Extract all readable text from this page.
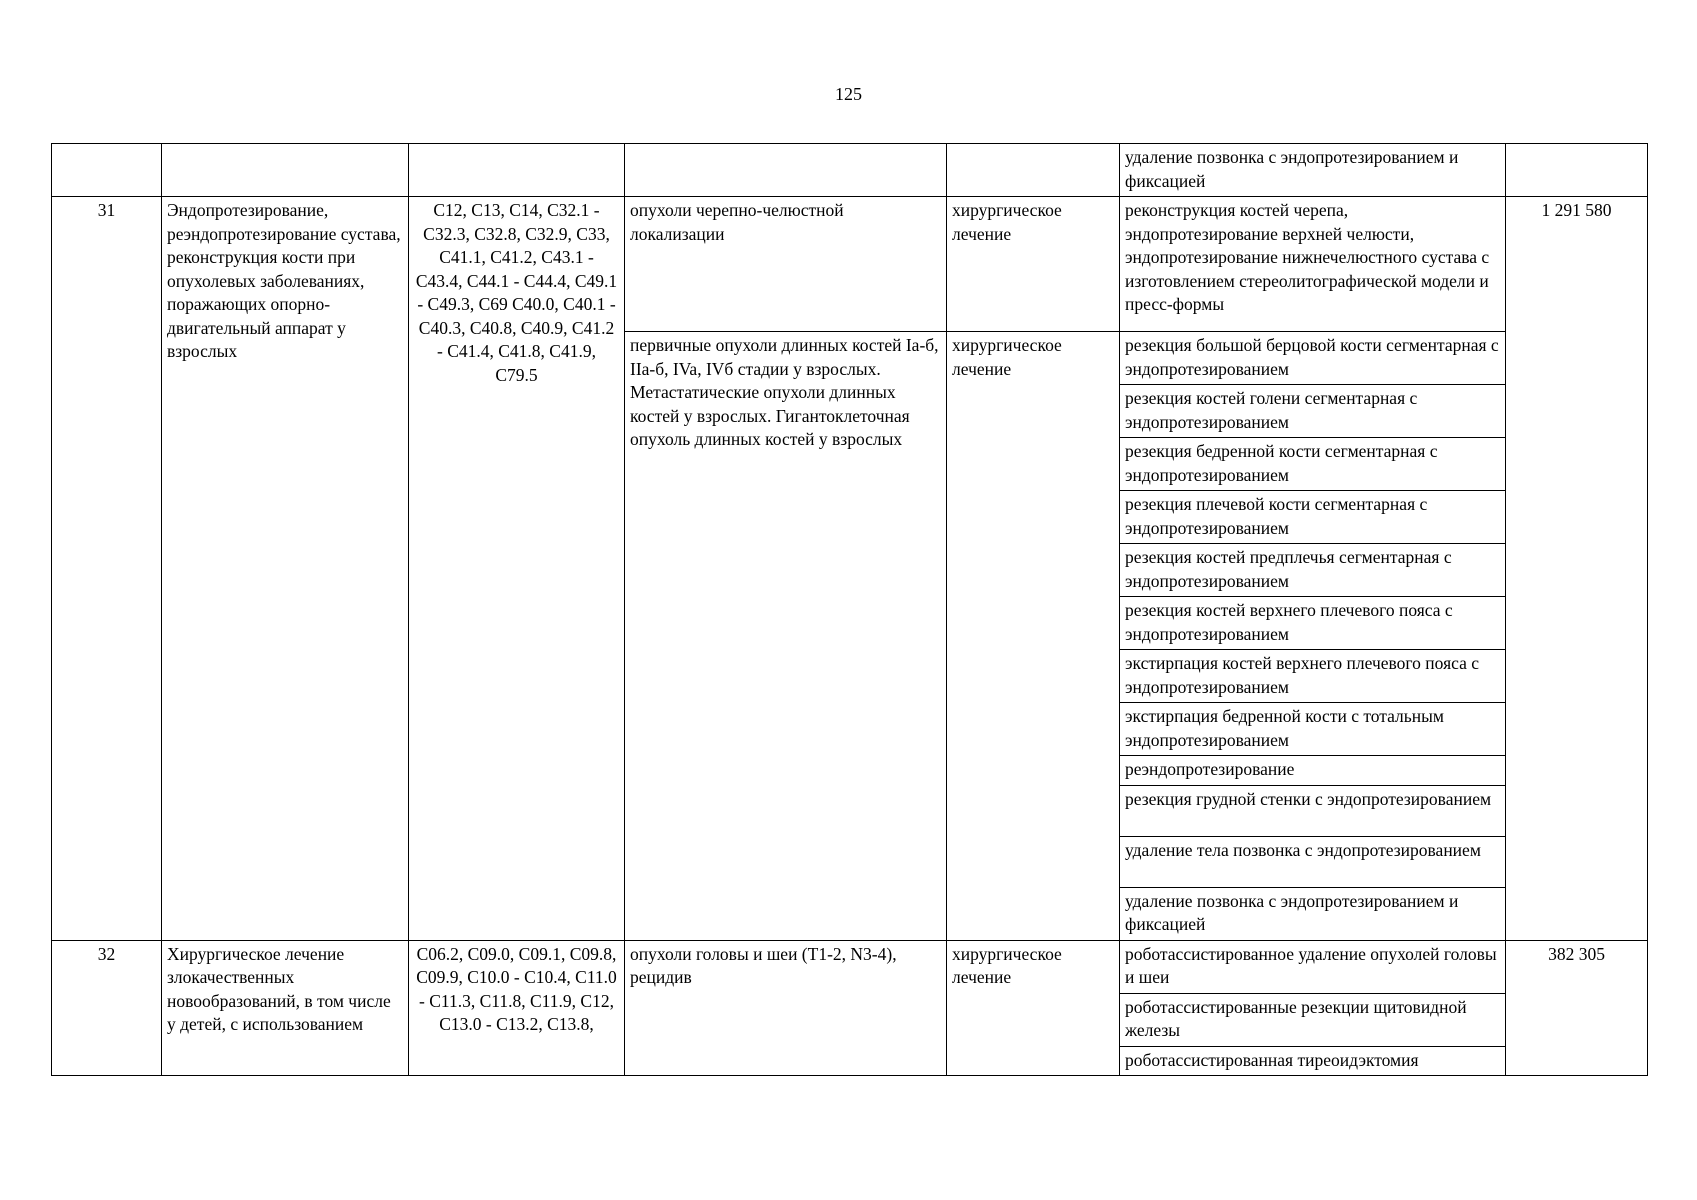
125
					удаление позвонка с эндопротезированием и фиксацией	
31	Эндопротезирование, реэндопротезирование сустава, реконструкция кости при опухолевых заболеваниях, поражающих опорно-двигательный аппарат у взрослых	C12, C13, C14, C32.1 - C32.3, C32.8, C32.9, C33, C41.1, C41.2, C43.1 - C43.4, C44.1 - C44.4, C49.1 - C49.3, C69 C40.0, C40.1 - C40.3, C40.8, C40.9, C41.2 - C41.4, C41.8, C41.9, C79.5	опухоли черепно-челюстной локализации	хирургическое лечение	реконструкция костей черепа, эндопротезирование верхней челюсти, эндопротезирование нижнечелюстного сустава с изготовлением стереолитографической модели и пресс-формы	1 291 580
			первичные опухоли длинных костей Ia-б, IIa-б, IVa, IVб стадии у взрослых. Метастатические опухоли длинных костей у взрослых. Гигантоклеточная опухоль длинных костей у взрослых	хирургическое лечение	резекция большой берцовой кости сегментарная с эндопротезированием	
					резекция костей голени сегментарная с эндопротезированием	
					резекция бедренной кости сегментарная с эндопротезированием	
					резекция плечевой кости сегментарная с эндопротезированием	
					резекция костей предплечья сегментарная с эндопротезированием	
					резекция костей верхнего плечевого пояса с эндопротезированием	
					экстирпация костей верхнего плечевого пояса с эндопротезированием	
					экстирпация бедренной кости с тотальным эндопротезированием	
					реэндопротезирование	
					резекция грудной стенки с эндопротезированием	
					удаление тела позвонка с эндопротезированием	
					удаление позвонка с эндопротезированием и фиксацией	
32	Хирургическое лечение злокачественных новообразований, в том числе у детей, с использованием	C06.2, C09.0, C09.1, C09.8, C09.9, C10.0 - C10.4, C11.0 - C11.3, C11.8, C11.9, C12, C13.0 - C13.2, C13.8,	опухоли головы и шеи (T1-2, N3-4), рецидив	хирургическое лечение	роботассистированное удаление опухолей головы и шеи	382 305
					роботассистированные резекции щитовидной железы	
					роботассистированная тиреоидэктомия	
